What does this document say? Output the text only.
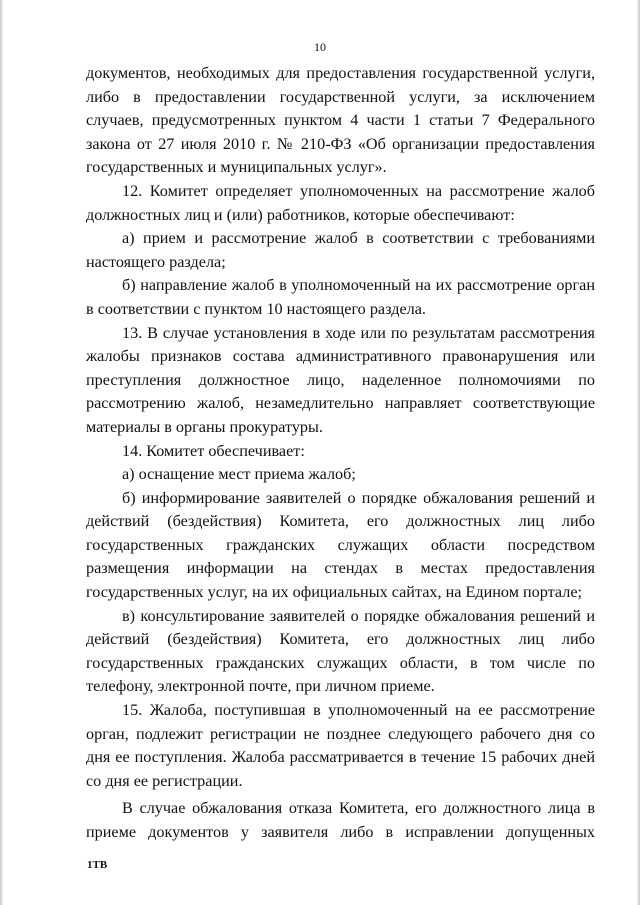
10

документов, необходимых для предоставления государственной услуги, либо в предоставлении государственной услуги, за исключением случаев, предусмотренных пунктом 4 части 1 статьи 7 Федерального закона от 27 июля 2010 г. № 210-ФЗ «Об организации предоставления государственных и муниципальных услуг».

12. Комитет определяет уполномоченных на рассмотрение жалоб должностных лиц и (или) работников, которые обеспечивают:

а) прием и рассмотрение жалоб в соответствии с требованиями настоящего раздела;

б) направление жалоб в уполномоченный на их рассмотрение орган в соответствии с пунктом 10 настоящего раздела.

13. В случае установления в ходе или по результатам рассмотрения жалобы признаков состава административного правонарушения или преступления должностное лицо, наделенное полномочиями по рассмотрению жалоб, незамедлительно направляет соответствующие материалы в органы прокуратуры.

14. Комитет обеспечивает:

а) оснащение мест приема жалоб;

б) информирование заявителей о порядке обжалования решений и действий (бездействия) Комитета, его должностных лиц либо государственных гражданских служащих области посредством размещения информации на стендах в местах предоставления государственных услуг, на их официальных сайтах, на Едином портале;

в) консультирование заявителей о порядке обжалования решений и действий (бездействия) Комитета, его должностных лиц либо государственных гражданских служащих области, в том числе по телефону, электронной почте, при личном приеме.

15. Жалоба, поступившая в уполномоченный на ее рассмотрение орган, подлежит регистрации не позднее следующего рабочего дня со дня ее поступления. Жалоба рассматривается в течение 15 рабочих дней со дня ее регистрации.

В случае обжалования отказа Комитета, его должностного лица в приеме документов у заявителя либо в исправлении допущенных

1ТВ
